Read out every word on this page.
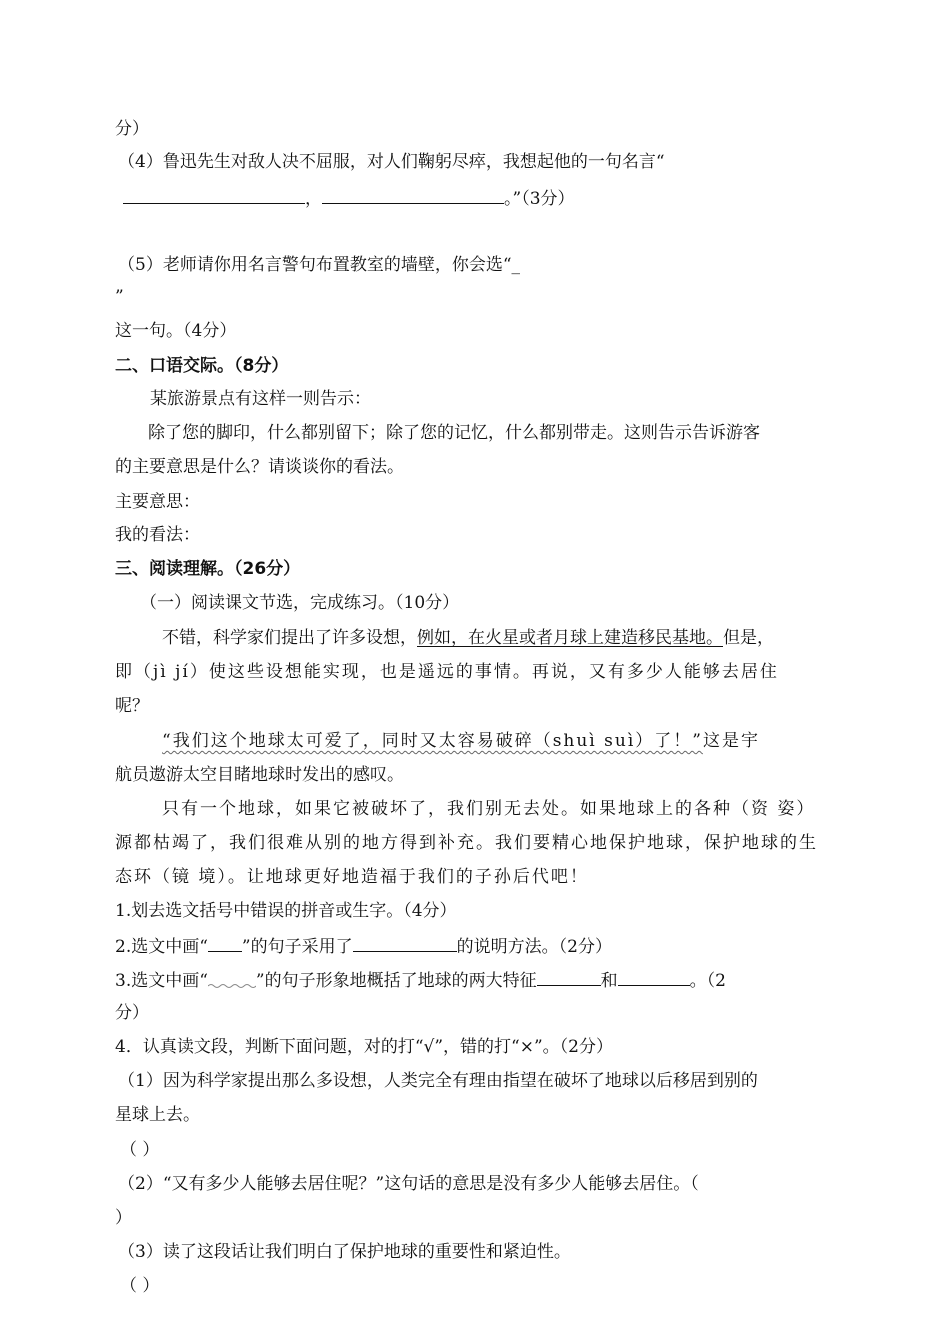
分）
（4）鲁迅先生对敌人决不屈服，对人们鞠躬尽瘁，我想起他的一句名言“
，	。”（3分）
（5）老师请你用名言警句布置教室的墙壁，你会选“_
”
这一句。（4分）
二、口语交际。（8分）
某旅游景点有这样一则告示：
除了您的脚印，什么都别留下；除了您的记忆，什么都别带走。这则告示告诉游客
的主要意思是什么？请谈谈你的看法。
主要意思：
我的看法：
三、阅读理解。（26分）
（一）阅读课文节选，完成练习。（10分）
不错，科学家们提出了许多设想，例如，在火星或者月球上建造移民基地。但是，
即（jì jí）使这些设想能实现，也是遥远的事情。再说，又有多少人能够去居住
呢？
“我们这个地球太可爱了，同时又太容易破碎（shuì suì）了！”这是宇
航员遨游太空目睹地球时发出的感叹。
只有一个地球，如果它被破坏了，我们别无去处。如果地球上的各种（资 姿）
源都枯竭了，我们很难从别的地方得到补充。我们要精心地保护地球，保护地球的生
态环（镜 境）。让地球更好地造福于我们的子孙后代吧！
1.划去选文括号中错误的拼音或生字。（4分）
2.选文中画“ ”的句子采用了	的说明方法。（2分）
3.选文中画“	”的句子形象地概括了地球的两大特征	和	。（2
分）
4．认真读文段，判断下面问题，对的打“√”，错的打“×”。（2分）
（1）因为科学家提出那么多设想，人类完全有理由指望在破坏了地球以后移居到别的
星球上去。
（ ）
（2）“又有多少人能够去居住呢？”这句话的意思是没有多少人能够去居住。（
）
（3）读了这段话让我们明白了保护地球的重要性和紧迫性。
（ ）
